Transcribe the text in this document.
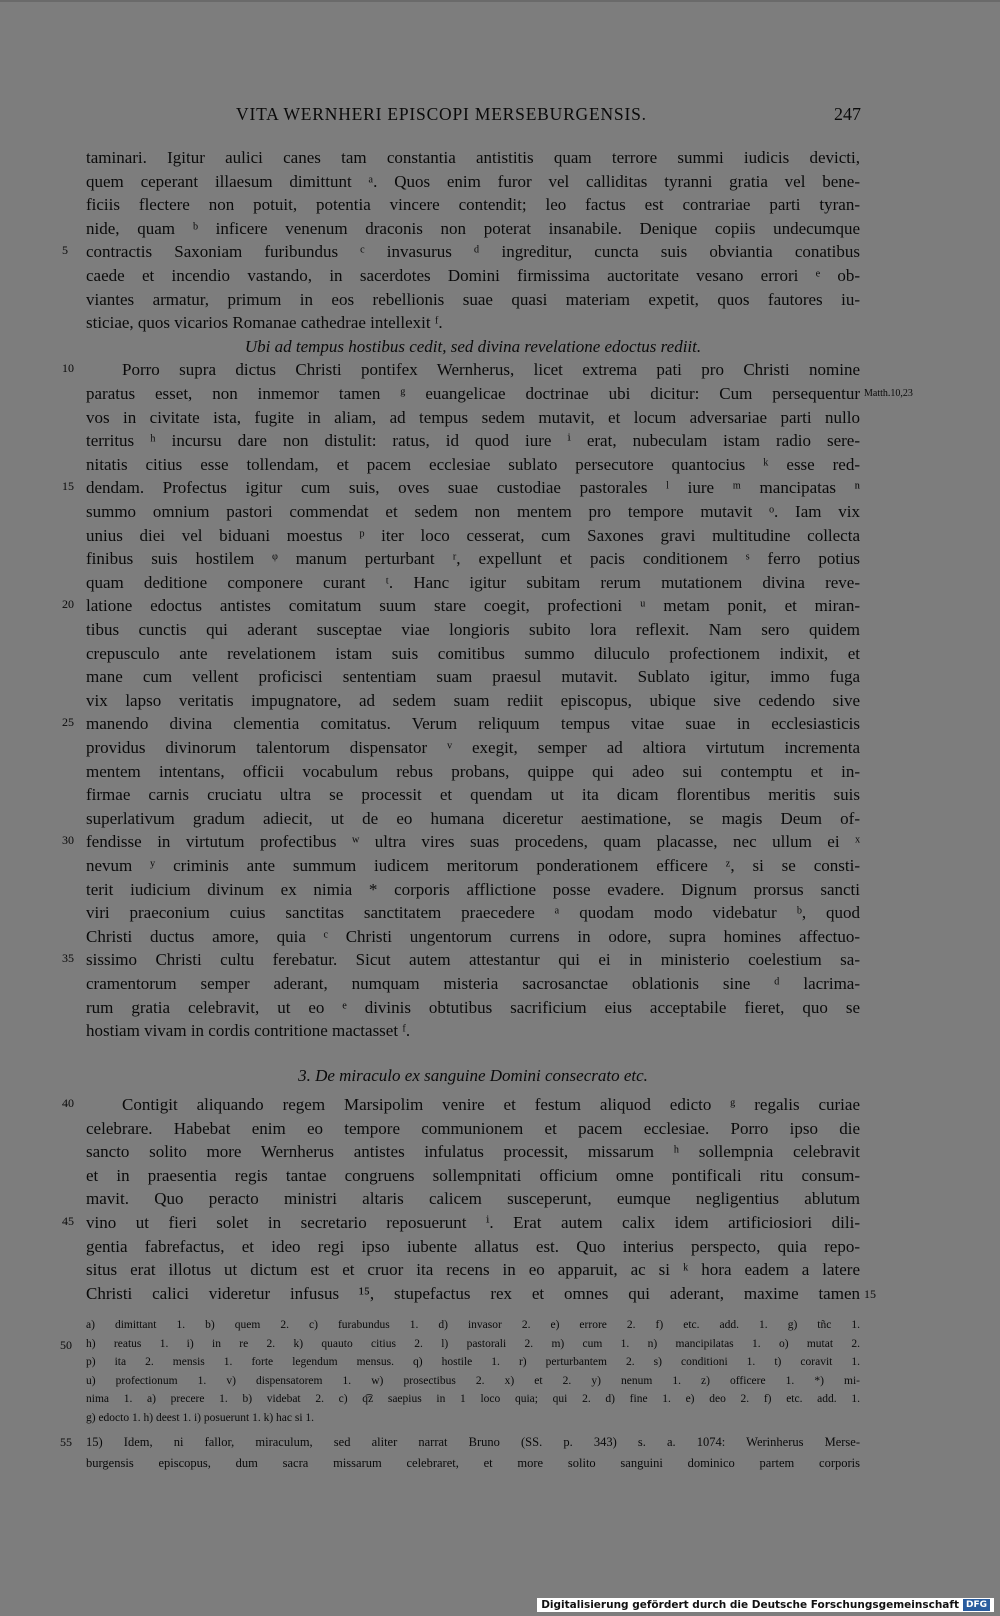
VITA WERNHERI EPISCOPI MERSEBURGENSIS.	247
taminari. Igitur aulici canes tam constantia antistitis quam terrore summi iudicis devicti,
quem ceperant illaesum dimittunt ᵃ. Quos enim furor vel calliditas tyranni gratia vel bene-
ficiis flectere non potuit, potentia vincere contendit; leo factus est contrariae parti tyran-
nide, quam ᵇ inficere venenum draconis non poterat insanabile. Denique copiis undecumque
contractis Saxoniam furibundus ᶜ invasurus ᵈ ingreditur, cuncta suis obviantia conatibus
5
caede et incendio vastando, in sacerdotes Domini firmissima auctoritate vesano errori ᵉ ob-
viantes armatur, primum in eos rebellionis suae quasi materiam expetit, quos fautores iu-
sticiae, quos vicarios Romanae cathedrae intellexit ᶠ.
Ubi ad tempus hostibus cedit, sed divina revelatione edoctus rediit.
Porro supra dictus Christi pontifex Wernherus, licet extrema pati pro Christi nomine
10
paratus esset, non inmemor tamen ᵍ euangelicae doctrinae ubi dicitur: Cum persequentur Matth.10,23
vos in civitate ista, fugite in aliam, ad tempus sedem mutavit, et locum adversariae parti nullo
territus ʰ incursu dare non distulit: ratus, id quod iure ⁱ erat, nubeculam istam radio sere-
nitatis citius esse tollendam, et pacem ecclesiae sublato persecutore quantocius ᵏ esse red-
dendam. Profectus igitur cum suis, oves suae custodiae pastorales ˡ iure ᵐ mancipatas ⁿ
15
summo omnium pastori commendat et sedem non mentem pro tempore mutavit ᵒ. Iam vix
unius diei vel biduani moestus ᵖ iter loco cesserat, cum Saxones gravi multitudine collecta
finibus suis hostilem ᵠ manum perturbant ʳ, expellunt et pacis conditionem ˢ ferro potius
quam deditione componere curant ᵗ. Hanc igitur subitam rerum mutationem divina reve-
latione edoctus antistes comitatum suum stare coegit, profectioni ᵘ metam ponit, et miran-
20
tibus cunctis qui aderant susceptae viae longioris subito lora reflexit. Nam sero quidem
crepusculo ante revelationem istam suis comitibus summo diluculo profectionem indixit, et
mane cum vellent proficisci sententiam suam praesul mutavit. Sublato igitur, immo fuga
vix lapso veritatis impugnatore, ad sedem suam rediit episcopus, ubique sive cedendo sive
manendo divina clementia comitatus. Verum reliquum tempus vitae suae in ecclesiasticis
25
providus divinorum talentorum dispensator ᵛ exegit, semper ad altiora virtutum incrementa
mentem intentans, officii vocabulum rebus probans, quippe qui adeo sui contemptu et in-
firmae carnis cruciatu ultra se processit et quendam ut ita dicam florentibus meritis suis
superlativum gradum adiecit, ut de eo humana diceretur aestimatione, se magis Deum of-
fendisse in virtutum profectibus ʷ ultra vires suas procedens, quam placasse, nec ullum ei ˣ
30
nevum ʸ criminis ante summum iudicem meritorum ponderationem efficere ᶻ, si se consti-
terit iudicium divinum ex nimia * corporis afflictione posse evadere. Dignum prorsus sancti
viri praeconium cuius sanctitas sanctitatem praecedere ᵃ quodam modo videbatur ᵇ, quod
Christi ductus amore, quia ᶜ Christi ungentorum currens in odore, supra homines affectuo-
sissimo Christi cultu ferebatur. Sicut autem attestantur qui ei in ministerio coelestium sa-
35
cramentorum semper aderant, numquam misteria sacrosanctae oblationis sine ᵈ lacrima-
rum gratia celebravit, ut eo ᵉ divinis obtutibus sacrificium eius acceptabile fieret, quo se
hostiam vivam in cordis contritione mactasset ᶠ.
3. De miraculo ex sanguine Domini consecrato etc.
Contigit aliquando regem Marsipolim venire et festum aliquod edicto ᵍ regalis curiae
40
celebrare. Habebat enim eo tempore communionem et pacem ecclesiae. Porro ipso die
sancto solito more Wernherus antistes infulatus processit, missarum ʰ sollempnia celebravit
et in praesentia regis tantae congruens sollempnitati officium omne pontificali ritu consum-
mavit. Quo peracto ministri altaris calicem susceperunt, eumque negligentius ablutum
vino ut fieri solet in secretario reposuerunt ⁱ. Erat autem calix idem artificiosiori dili-
45
gentia fabrefactus, et ideo regi ipso iubente allatus est. Quo interius perspecto, quia repo-
situs erat illotus ut dictum est et cruor ita recens in eo apparuit, ac si ᵏ hora eadem a latere
Christi calici videretur infusus ¹⁵, stupefactus rex et omnes qui aderant, maxime tamen 15
a) dimittant 1. b) quem 2. c) furabundus 1. d) invasor 2. e) errore 2. f) etc. add. 1. g) tñc 1.
h) reatus 1. i) in re 2. k) quauto citius 2. l) pastorali 2. m) cum 1. n) mancipilatas 1. o) mutat 2.
50
p) ita 2. mensis 1. forte legendum mensus. q) hostile 1. r) perturbantem 2. s) conditioni 1. t) coravit 1.
u) profectionum 1. v) dispensatorem 1. w) prosectibus 2. x) et 2. y) nenum 1. z) officere 1. *) mi-
nima 1. a) precere 1. b) videbat 2. c) q͡z saepius in 1 loco quia; qui 2. d) fine 1. e) deo 2. f) etc. add. 1.
g) edocto 1. h) deest 1. i) posuerunt 1. k) hac si 1.
15) Idem, ni fallor, miraculum, sed aliter narrat Bruno (SS. p. 343) s. a. 1074: Werinherus Merse-
55
burgensis episcopus, dum sacra missarum celebraret, et more solito sanguini dominico partem corporis
Digitalisierung gefördert durch die Deutsche Forschungsgemeinschaft DFG
